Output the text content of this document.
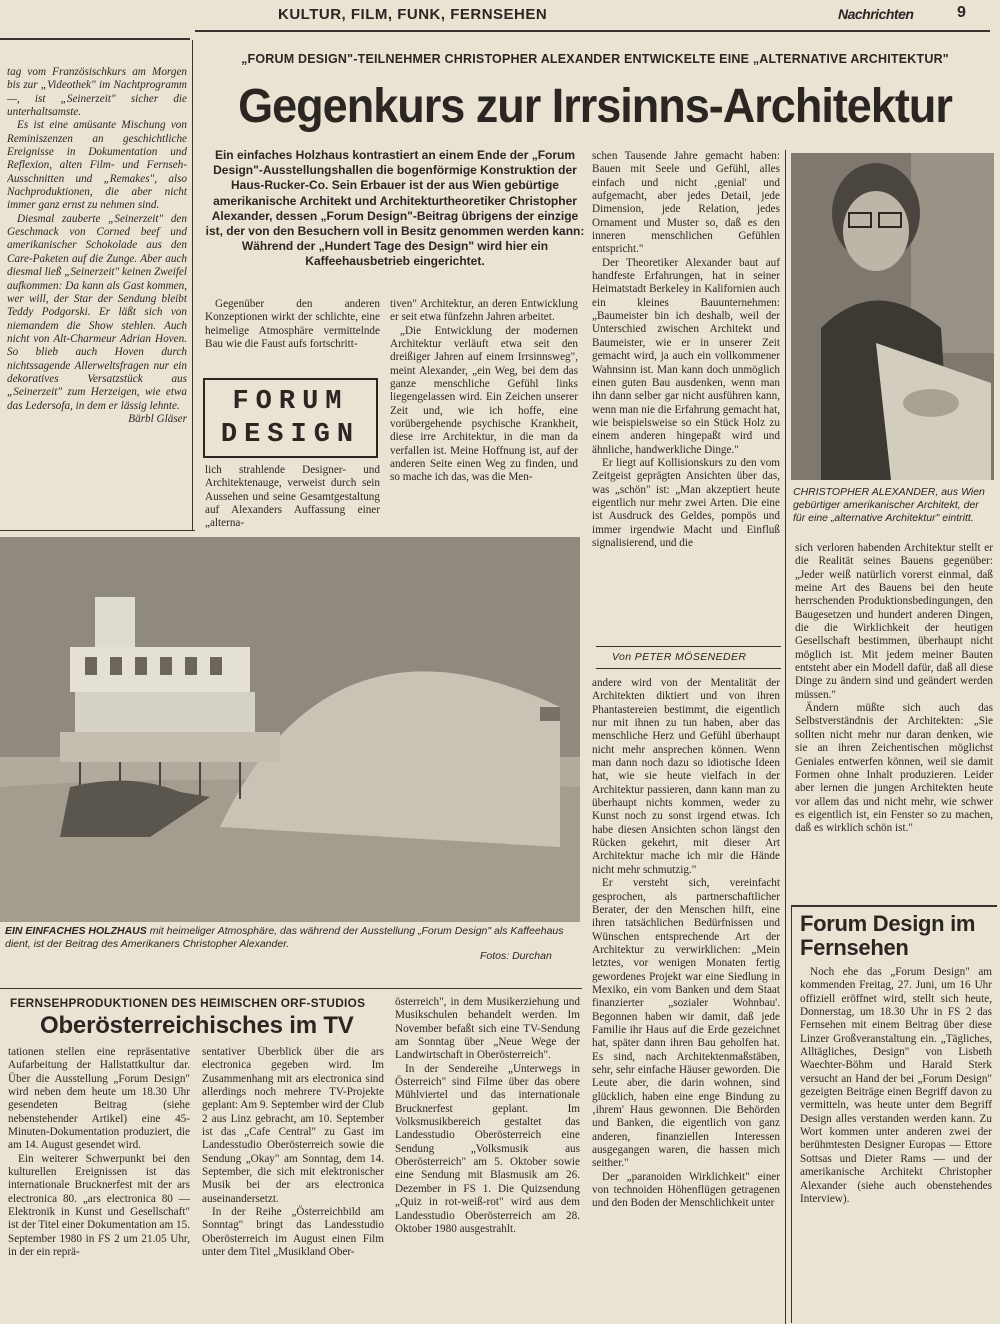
KULTUR, FILM, FUNK, FERNSEHEN	Nachrichten	9

tag vom Französischkurs am Morgen bis zur „Videothek" im Nachtprogramm —, ist „Seinerzeit" sicher die unterhaltsamste.

Es ist eine amüsante Mischung von Reminiszenzen an geschichtliche Ereignisse in Dokumentation und Reflexion, alten Film- und Fernseh-Ausschnitten und „Remakes", also Nachproduktionen, die aber nicht immer ganz ernst zu nehmen sind.

Diesmal zauberte „Seinerzeit" den Geschmack von Corned beef und amerikanischer Schokolade aus den Care-Paketen auf die Zunge. Aber auch diesmal ließ „Seinerzeit" keinen Zweifel aufkommen: Da kann als Gast kommen, wer will, der Star der Sendung bleibt Teddy Podgorski. Er läßt sich von niemandem die Show stehlen. Auch nicht von Alt-Charmeur Adrian Hoven. So blieb auch Hoven durch nichtssagende Allerweltsfragen nur ein dekoratives Versatzstück aus „Seinerzeit" zum Herzeigen, wie etwa das Ledersofa, in dem er lässig lehnte.

Bärbl Gläser
„FORUM DESIGN"-TEILNEHMER CHRISTOPHER ALEXANDER ENTWICKELTE EINE „ALTERNATIVE ARCHITEKTUR"
Gegenkurs zur Irrsinns-Architektur
Ein einfaches Holzhaus kontrastiert an einem Ende der „Forum Design"-Ausstellungshallen die bogenförmige Konstruktion der Haus-Rucker-Co. Sein Erbauer ist der aus Wien gebürtige amerikanische Architekt und Architekturtheoretiker Christopher Alexander, dessen „Forum Design"-Beitrag übrigens der einzige ist, der von den Besuchern voll in Besitz genommen werden kann: Während der „Hundert Tage des Design" wird hier ein Kaffeehausbetrieb eingerichtet.

Gegenüber den anderen Konzeptionen wirkt der schlichte, eine heimelige Atmosphäre vermittelnde Bau wie die Faust aufs fortschritt-

FORUM
DESIGN

lich strahlende Designer- und Architektenauge, verweist durch sein Aussehen und seine Gesamtgestaltung auf Alexanders Auffassung einer „alterna-

tiven" Architektur, an deren Entwicklung er seit etwa fünfzehn Jahren arbeitet.

„Die Entwicklung der modernen Architektur verläuft etwa seit den dreißiger Jahren auf einem Irrsinnsweg", meint Alexander, „ein Weg, bei dem das ganze menschliche Gefühl links liegengelassen wird. Ein Zeichen unserer Zeit und, wie ich hoffe, eine vorübergehende psychische Krankheit, diese irre Architektur, in die man da verfallen ist. Meine Hoffnung ist, auf der anderen Seite einen Weg zu finden, und so mache ich das, was die Men-

schen Tausende Jahre gemacht haben: Bauen mit Seele und Gefühl, alles einfach und nicht ‚genial' und aufgemacht, aber jedes Detail, jede Dimension, jede Relation, jedes Ornament und Muster so, daß es den inneren menschlichen Gefühlen entspricht."

Der Theoretiker Alexander baut auf handfeste Erfahrungen, hat in seiner Heimatstadt Berkeley in Kalifornien auch ein kleines Bauunternehmen: „Baumeister bin ich deshalb, weil der Unterschied zwischen Architekt und Baumeister, wie er in unserer Zeit gemacht wird, ja auch ein vollkommener Wahnsinn ist. Man kann doch unmöglich einen guten Bau ausdenken, wenn man ihn dann selber gar nicht ausführen kann, wenn man nie die Erfahrung gemacht hat, wie beispielsweise so ein Stück Holz zu einem anderen hingepaßt wird und ähnliche, handwerkliche Dinge."

Er liegt auf Kollisionskurs zu den vom Zeitgeist geprägten Ansichten über das, was „schön" ist: „Man akzeptiert heute eigentlich nur mehr zwei Arten. Die eine ist Ausdruck des Geldes, pompös und immer irgendwie Macht und Einfluß signalisierend, und die

Von PETER MÖSENEDER

andere wird von der Mentalität der Architekten diktiert und von ihren Phantastereien bestimmt, die eigentlich nur mit ihnen zu tun haben, aber das menschliche Herz und Gefühl überhaupt nicht mehr ansprechen können. Wenn man dann noch dazu so idiotische Ideen hat, wie sie heute vielfach in der Architektur passieren, dann kann man zu überhaupt nichts kommen, weder zu Kunst noch zu sonst irgend etwas. Ich habe diesen Ansichten schon längst den Rücken gekehrt, mit dieser Art Architektur mache ich mir die Hände nicht mehr schmutzig."

Er versteht sich, vereinfacht gesprochen, als partnerschaftlicher Berater, der den Menschen hilft, eine ihren tatsächlichen Bedürfnissen und Wünschen entsprechende Art der Architektur zu verwirklichen: „Mein letztes, vor wenigen Monaten fertig gewordenes Projekt war eine Siedlung in Mexiko, ein vom Banken und dem Staat finanzierter „sozialer Wohnbau'. Begonnen haben wir damit, daß jede Familie ihr Haus auf die Erde gezeichnet hat, später dann ihren Bau geholfen hat. Es sind, nach Architektenmaßstäben, sehr, sehr einfache Häuser geworden. Die Leute aber, die darin wohnen, sind glücklich, haben eine enge Bindung zu ‚ihrem' Haus gewonnen. Die Behörden und Banken, die eigentlich von ganz anderen, finanziellen Interessen ausgegangen waren, die hassen mich seither."

Der „paranoiden Wirklichkeit" einer von technoiden Höhenflügen getragenen und den Boden der Menschlichkeit unter

CHRISTOPHER ALEXANDER, aus Wien gebürtiger amerikanischer Architekt, der für eine „alternative Architektur" eintritt.

sich verloren habenden Architektur stellt er die Realität seines Bauens gegenüber: „Jeder weiß natürlich vorerst einmal, daß meine Art des Bauens bei den heute herrschenden Produktionsbedingungen, den Baugesetzen und hundert anderen Dingen, die die Wirklichkeit der heutigen Gesellschaft bestimmen, überhaupt nicht möglich ist. Mit jedem meiner Bauten entsteht aber ein Modell dafür, daß all diese Dinge zu ändern sind und geändert werden müssen."

Ändern müßte sich auch das Selbstverständnis der Architekten: „Sie sollten nicht mehr nur daran denken, wie sie an ihren Zeichentischen möglichst Geniales entwerfen können, weil sie damit Formen ohne Inhalt produzieren. Leider aber lernen die jungen Architekten heute vor allem das und nicht mehr, wie schwer es eigentlich ist, ein Fenster so zu machen, daß es wirklich schön ist."

EIN EINFACHES HOLZHAUS mit heimeliger Atmosphäre, das während der Ausstellung „Forum Design" als Kaffeehaus dient, ist der Beitrag des Amerikaners Christopher Alexander.
Fotos: Durchan
FERNSEHPRODUKTIONEN DES HEIMISCHEN ORF-STUDIOS
Oberösterreichisches im TV

tationen stellen eine repräsentative Aufarbeitung der Hallstattkultur dar. Über die Ausstellung „Forum Design" wird neben dem heute um 18.30 Uhr gesendeten Beitrag (siehe nebenstehender Artikel) eine 45-Minuten-Dokumentation produziert, die am 14. August gesendet wird.

Ein weiterer Schwerpunkt bei den kulturellen Ereignissen ist das internationale Brucknerfest mit der ars electronica 80. „ars electronica 80 — Elektronik in Kunst und Gesellschaft" ist der Titel einer Dokumentation am 15. September 1980 in FS 2 um 21.05 Uhr, in der ein reprä-

sentativer Überblick über die ars electronica gegeben wird. Im Zusammenhang mit ars electronica sind allerdings noch mehrere TV-Projekte geplant: Am 9. September wird der Club 2 aus Linz gebracht, am 10. September ist das „Cafe Central" zu Gast im Landesstudio Oberösterreich sowie die Sendung „Okay" am Sonntag, dem 14. September, die sich mit elektronischer Musik bei der ars electronica auseinandersetzt.

In der Reihe „Österreichbild am Sonntag" bringt das Landesstudio Oberösterreich im August einen Film unter dem Titel „Musikland Ober-

österreich", in dem Musikerziehung und Musikschulen behandelt werden. Im November befaßt sich eine TV-Sendung am Sonntag über „Neue Wege der Landwirtschaft in Oberösterreich".

In der Sendereihe „Unterwegs in Österreich" sind Filme über das obere Mühlviertel und das internationale Brucknerfest geplant. Im Volksmusikbereich gestaltet das Landesstudio Oberösterreich eine Sendung „Volksmusik aus Oberösterreich" am 5. Oktober sowie eine Sendung mit Blasmusik am 26. Dezember in FS 1. Die Quizsendung „Quiz in rot-weiß-rot" wird aus dem Landesstudio Oberösterreich am 28. Oktober 1980 ausgestrahlt.

Forum Design im Fernsehen

Noch ehe das „Forum Design" am kommenden Freitag, 27. Juni, um 16 Uhr offiziell eröffnet wird, stellt sich heute, Donnerstag, um 18.30 Uhr in FS 2 das Fernsehen mit einem Beitrag über diese Linzer Großveranstaltung ein. „Tägliches, Alltägliches, Design" von Lisbeth Waechter-Böhm und Harald Sterk versucht an Hand der bei „Forum Design" gezeigten Beiträge einen Begriff davon zu vermitteln, was heute unter dem Begriff Design alles verstanden werden kann. Zu Wort kommen unter anderen zwei der berühmtesten Designer Europas — Ettore Sottsas und Dieter Rams — und der amerikanische Architekt Christopher Alexander (siehe auch obenstehendes Interview).
